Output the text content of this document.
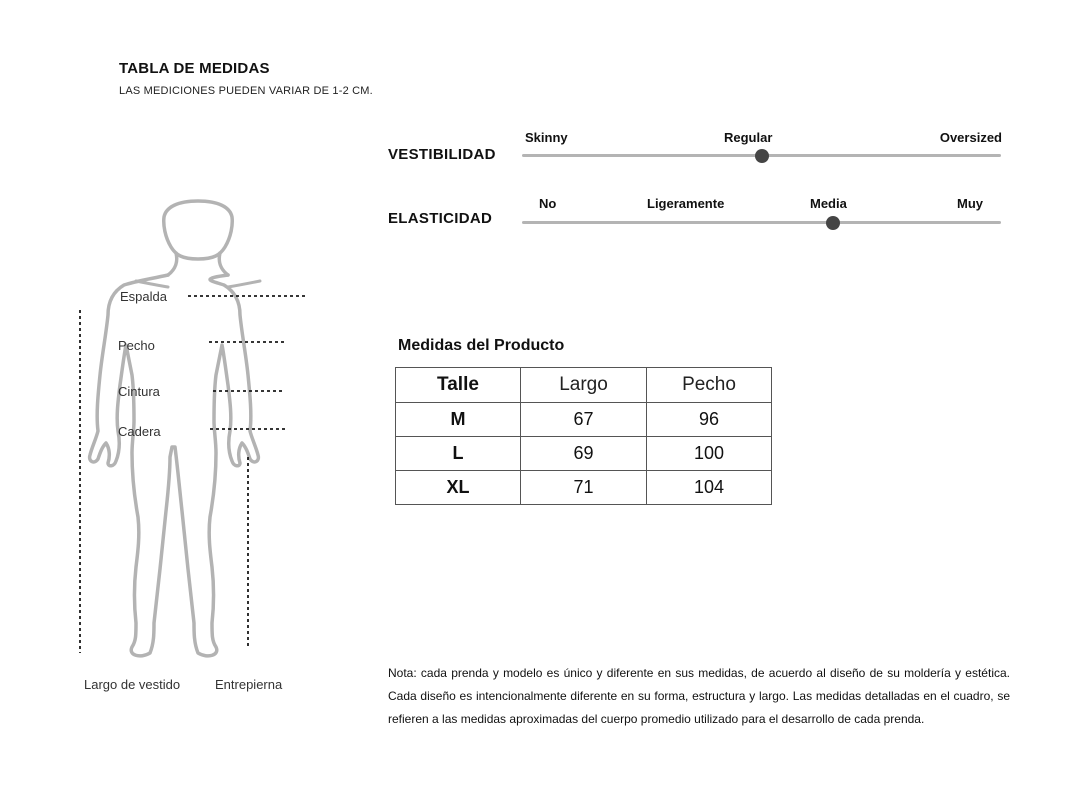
TABLA DE MEDIDAS
LAS MEDICIONES PUEDEN VARIAR DE 1-2 CM.
VESTIBILIDAD
Skinny	Regular	Oversized
ELASTICIDAD
No	Ligeramente	Media	Muy
Espalda
Pecho
Cintura
Cadera
Largo de vestido	Entrepierna
Medidas del Producto
Talle	Largo	Pecho
M	67	96
L	69	100
XL	71	104
Nota: cada prenda y modelo es único y diferente en sus medidas, de acuerdo al diseño de su moldería y estética. Cada diseño es intencionalmente diferente en su forma, estructura y largo. Las medidas detalladas en el cuadro, se refieren a las medidas aproximadas del cuerpo promedio utilizado para el desarrollo de cada prenda.
